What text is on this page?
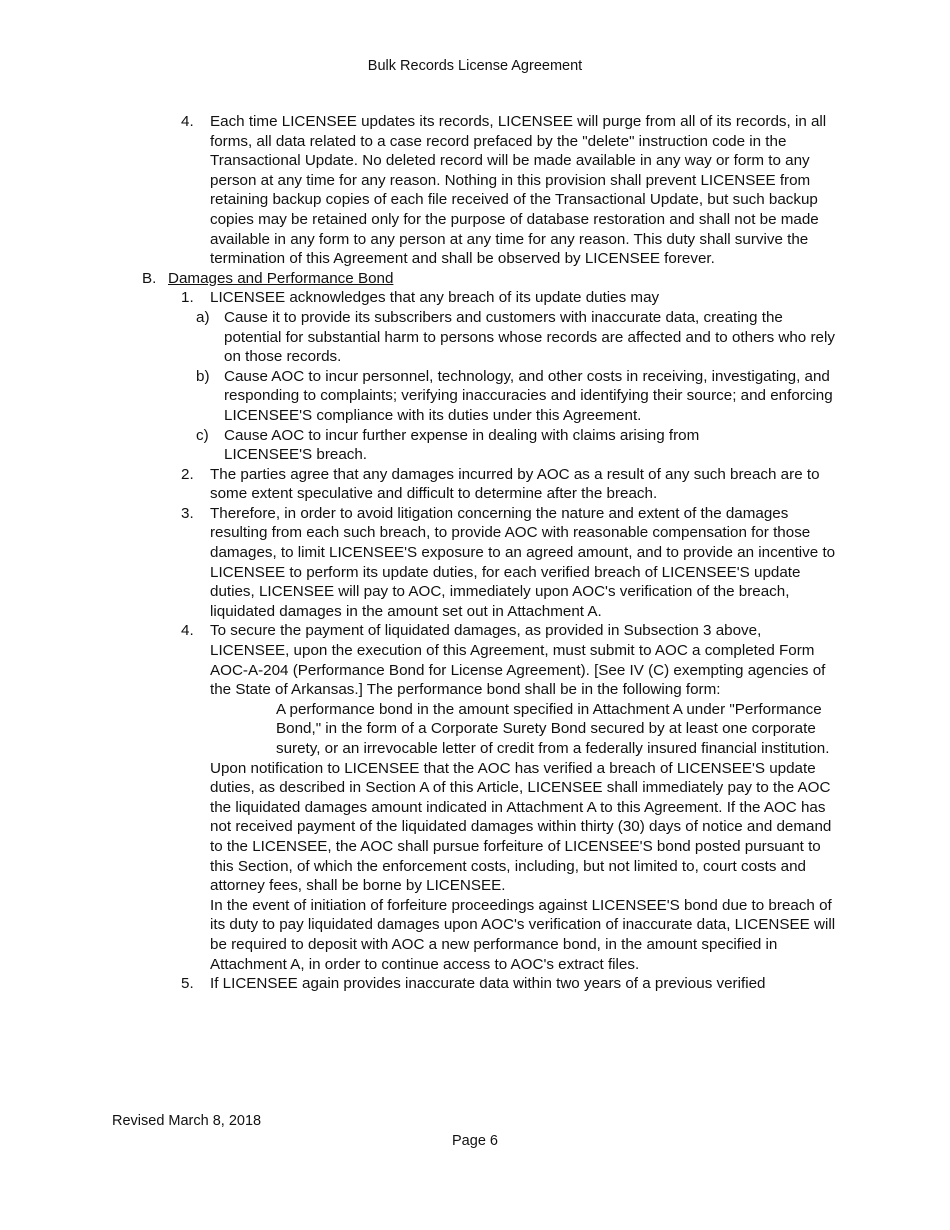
Bulk Records License Agreement
4. Each time LICENSEE updates its records, LICENSEE will purge from all of its records, in all forms, all data related to a case record prefaced by the "delete" instruction code in the Transactional Update. No deleted record will be made available in any way or form to any person at any time for any reason. Nothing in this provision shall prevent LICENSEE from retaining backup copies of each file received of the Transactional Update, but such backup copies may be retained only for the purpose of database restoration and shall not be made available in any form to any person at any time for any reason. This duty shall survive the termination of this Agreement and shall be observed by LICENSEE forever.
B. Damages and Performance Bond
1. LICENSEE acknowledges that any breach of its update duties may
a) Cause it to provide its subscribers and customers with inaccurate data, creating the potential for substantial harm to persons whose records are affected and to others who rely on those records.
b) Cause AOC to incur personnel, technology, and other costs in receiving, investigating, and responding to complaints; verifying inaccuracies and identifying their source; and enforcing LICENSEE'S compliance with its duties under this Agreement.
c) Cause AOC to incur further expense in dealing with claims arising from LICENSEE'S breach.
2. The parties agree that any damages incurred by AOC as a result of any such breach are to some extent speculative and difficult to determine after the breach.
3. Therefore, in order to avoid litigation concerning the nature and extent of the damages resulting from each such breach, to provide AOC with reasonable compensation for those damages, to limit LICENSEE'S exposure to an agreed amount, and to provide an incentive to LICENSEE to perform its update duties, for each verified breach of LICENSEE'S update duties, LICENSEE will pay to AOC, immediately upon AOC's verification of the breach, liquidated damages in the amount set out in Attachment A.
4. To secure the payment of liquidated damages, as provided in Subsection 3 above, LICENSEE, upon the execution of this Agreement, must submit to AOC a completed Form AOC-A-204 (Performance Bond for License Agreement). [See IV (C) exempting agencies of the State of Arkansas.] The performance bond shall be in the following form:
A performance bond in the amount specified in Attachment A under "Performance Bond," in the form of a Corporate Surety Bond secured by at least one corporate surety, or an irrevocable letter of credit from a federally insured financial institution.
Upon notification to LICENSEE that the AOC has verified a breach of LICENSEE'S update duties, as described in Section A of this Article, LICENSEE shall immediately pay to the AOC the liquidated damages amount indicated in Attachment A to this Agreement. If the AOC has not received payment of the liquidated damages within thirty (30) days of notice and demand to the LICENSEE, the AOC shall pursue forfeiture of LICENSEE'S bond posted pursuant to this Section, of which the enforcement costs, including, but not limited to, court costs and attorney fees, shall be borne by LICENSEE.
In the event of initiation of forfeiture proceedings against LICENSEE'S bond due to breach of its duty to pay liquidated damages upon AOC's verification of inaccurate data, LICENSEE will be required to deposit with AOC a new performance bond, in the amount specified in Attachment A, in order to continue access to AOC's extract files.
5. If LICENSEE again provides inaccurate data within two years of a previous verified
Revised March 8, 2018
Page 6
